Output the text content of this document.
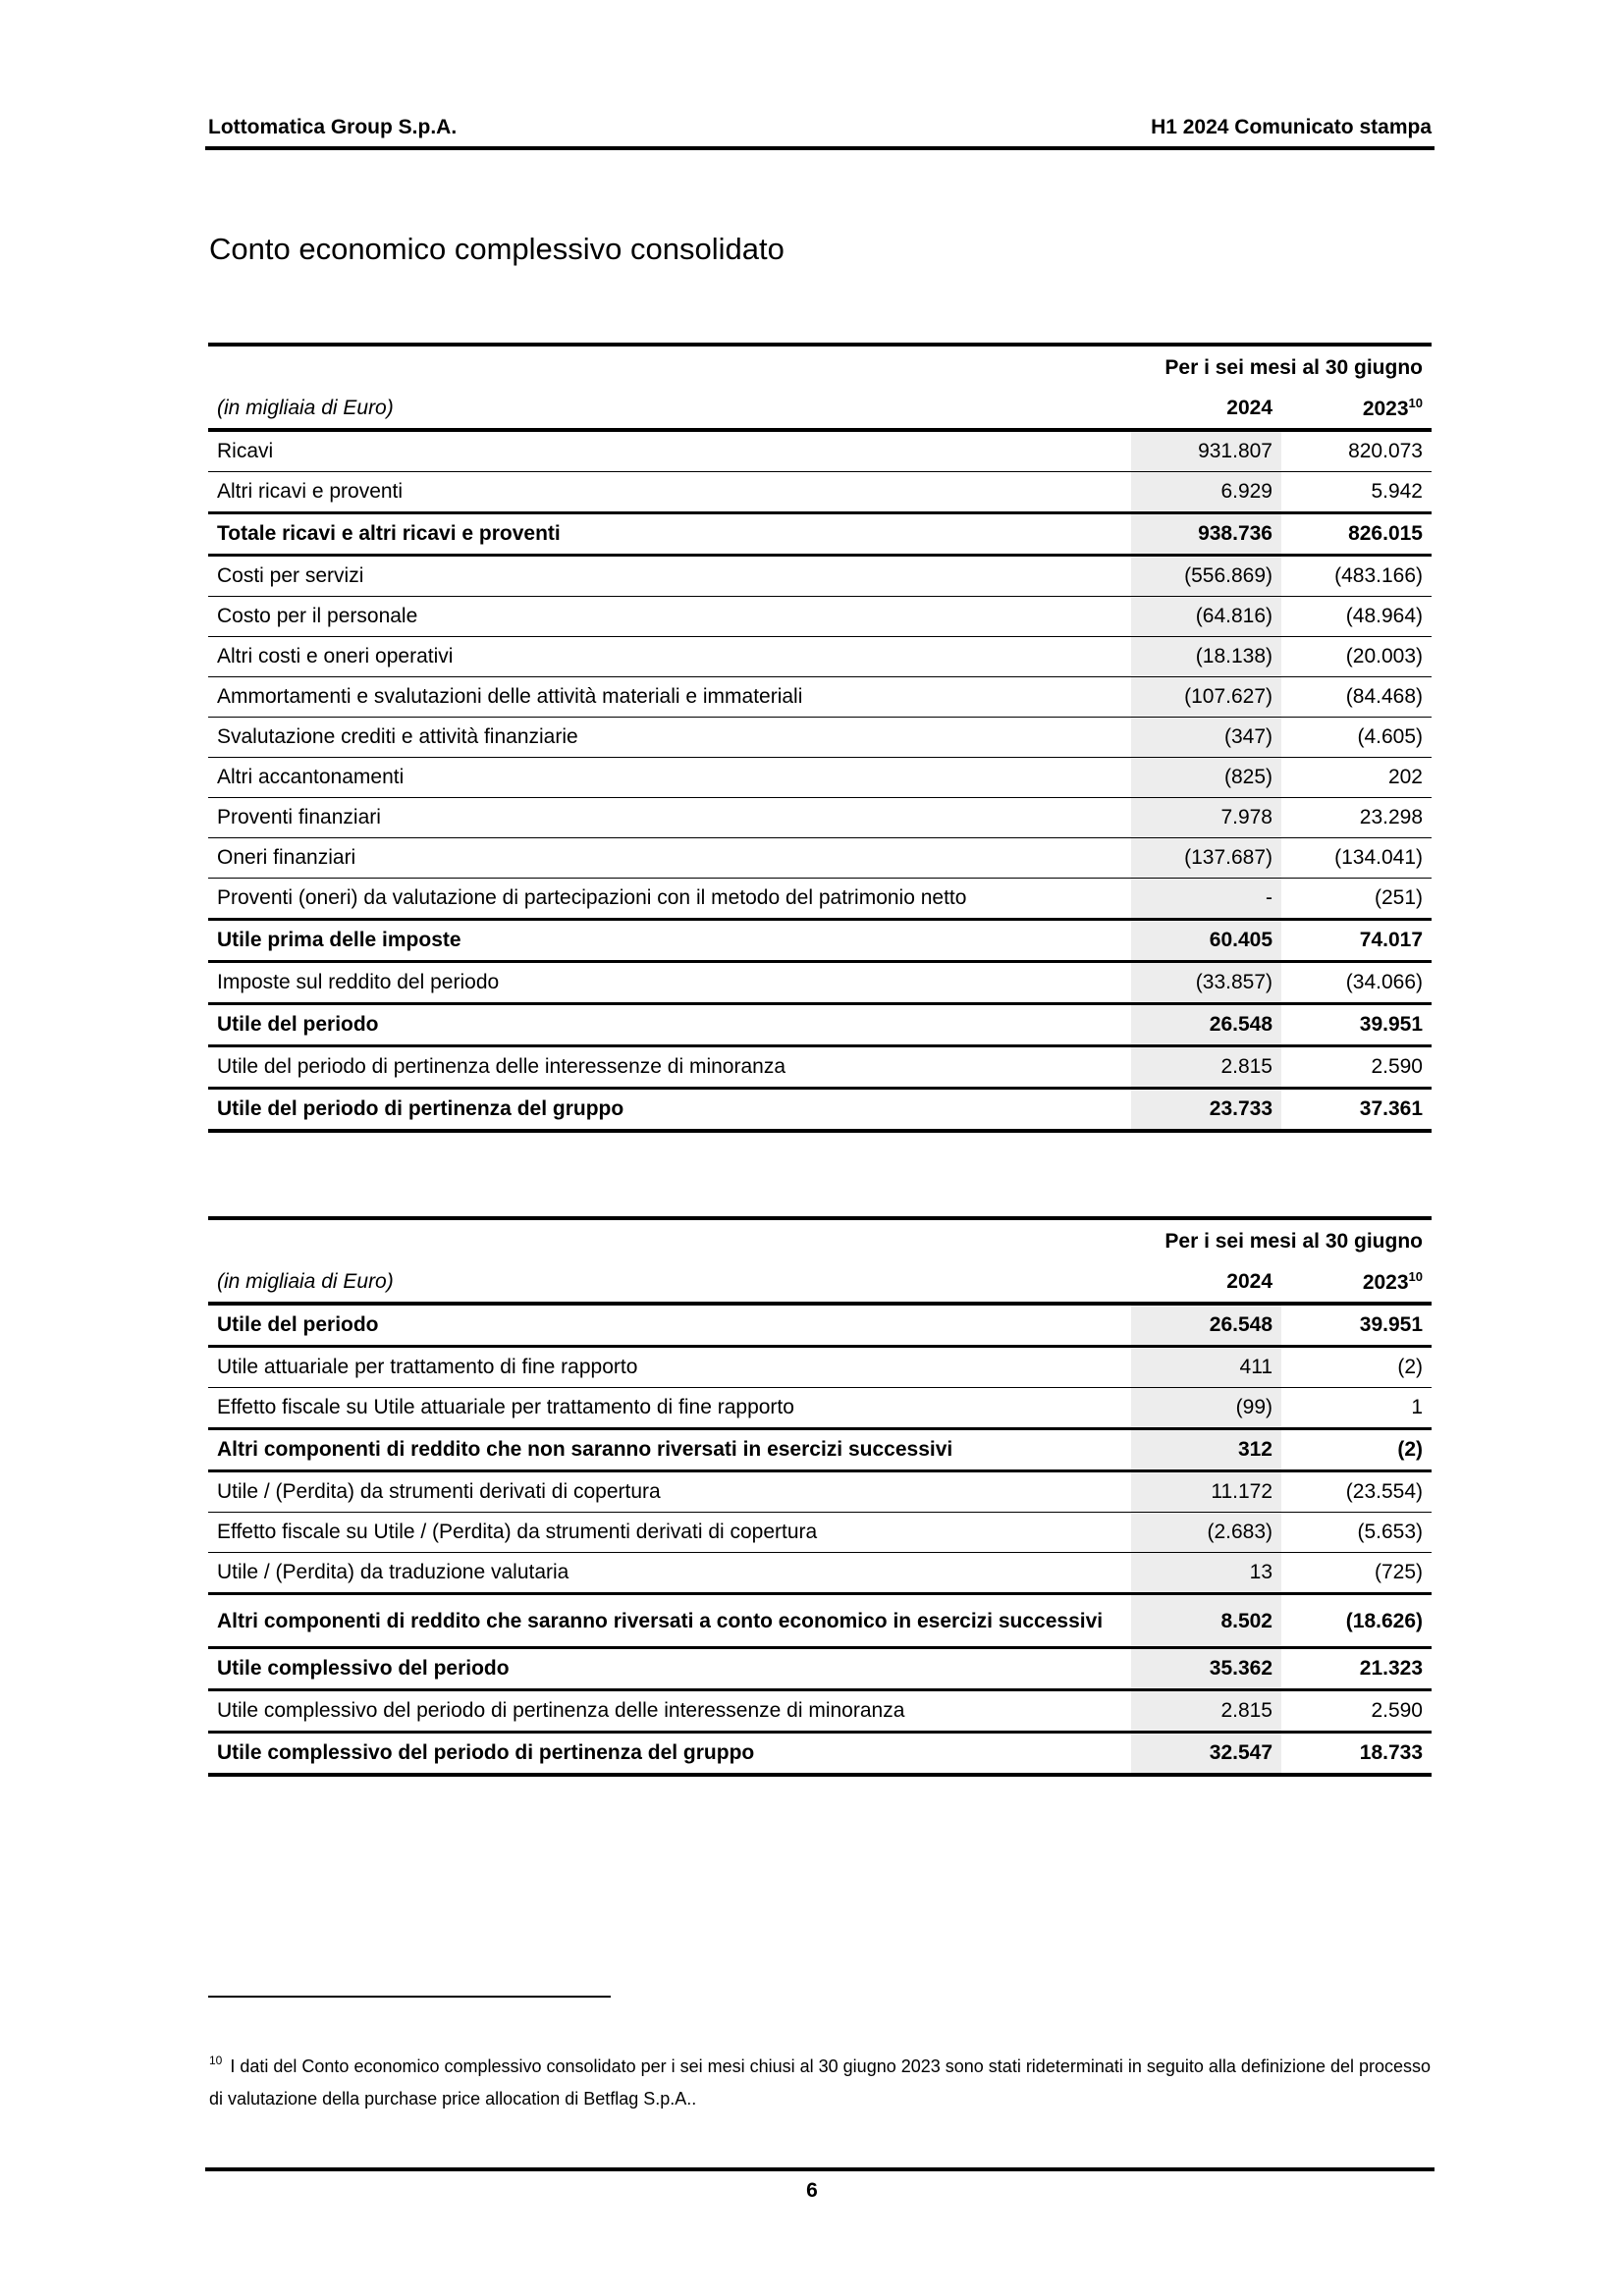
Lottomatica Group S.p.A.	H1 2024 Comunicato stampa
Conto economico complessivo consolidato
	Per i sei mesi al 30 giugno	
(in migliaia di Euro)	2024	2023$^{10}$
Ricavi	931.807	820.073
Altri ricavi e proventi	6.929	5.942
Totale ricavi e altri ricavi e proventi	938.736	826.015
Costi per servizi	(556.869)	(483.166)
Costo per il personale	(64.816)	(48.964)
Altri costi e oneri operativi	(18.138)	(20.003)
Ammortamenti e svalutazioni delle attività materiali e immateriali	(107.627)	(84.468)
Svalutazione crediti e attività finanziarie	(347)	(4.605)
Altri accantonamenti	(825)	202
Proventi finanziari	7.978	23.298
Oneri finanziari	(137.687)	(134.041)
Proventi (oneri) da valutazione di partecipazioni con il metodo del patrimonio netto	-	(251)
Utile prima delle imposte	60.405	74.017
Imposte sul reddito del periodo	(33.857)	(34.066)
Utile del periodo	26.548	39.951
Utile del periodo di pertinenza delle interessenze di minoranza	2.815	2.590
Utile del periodo di pertinenza del gruppo	23.733	37.361
	Per i sei mesi al 30 giugno	
(in migliaia di Euro)	2024	2023$^{10}$
Utile del periodo	26.548	39.951
Utile attuariale per trattamento di fine rapporto	411	(2)
Effetto fiscale su Utile attuariale per trattamento di fine rapporto	(99)	1
Altri componenti di reddito che non saranno riversati in esercizi successivi	312	(2)
Utile / (Perdita) da strumenti derivati di copertura	11.172	(23.554)
Effetto fiscale su Utile / (Perdita) da strumenti derivati di copertura	(2.683)	(5.653)
Utile / (Perdita) da traduzione valutaria	13	(725)
Altri componenti di reddito che saranno riversati a conto economico in esercizi successivi	8.502	(18.626)
Utile complessivo del periodo	35.362	21.323
Utile complessivo del periodo di pertinenza delle interessenze di minoranza	2.815	2.590
Utile complessivo del periodo di pertinenza del gruppo	32.547	18.733
$^{10}$ I dati del Conto economico complessivo consolidato per i sei mesi chiusi al 30 giugno 2023 sono stati rideterminati in seguito alla definizione del processo di valutazione della purchase price allocation di Betflag S.p.A..
6
